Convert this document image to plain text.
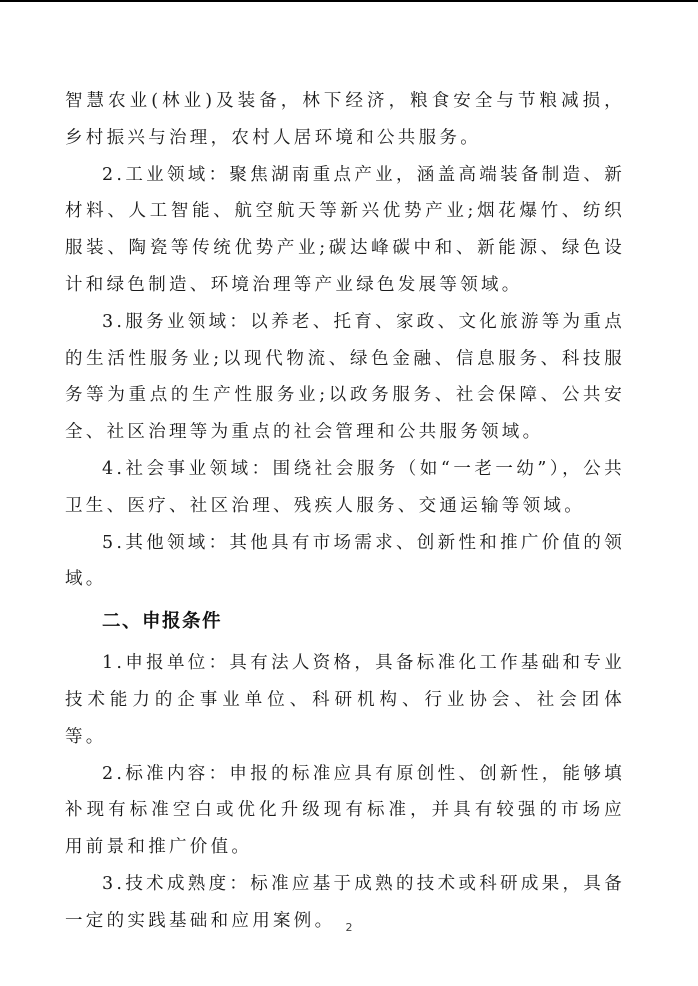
智慧农业(林业)及装备，林下经济，粮食安全与节粮减损，乡村振兴与治理，农村人居环境和公共服务。

2.工业领域：聚焦湖南重点产业，涵盖高端装备制造、新材料、人工智能、航空航天等新兴优势产业;烟花爆竹、纺织服装、陶瓷等传统优势产业;碳达峰碳中和、新能源、绿色设计和绿色制造、环境治理等产业绿色发展等领域。

3.服务业领域：以养老、托育、家政、文化旅游等为重点的生活性服务业;以现代物流、绿色金融、信息服务、科技服务等为重点的生产性服务业;以政务服务、社会保障、公共安全、社区治理等为重点的社会管理和公共服务领域。

4.社会事业领域：围绕社会服务（如“一老一幼”），公共卫生、医疗、社区治理、残疾人服务、交通运输等领域。

5.其他领域：其他具有市场需求、创新性和推广价值的领域。

二、申报条件

1.申报单位：具有法人资格，具备标准化工作基础和专业技术能力的企事业单位、科研机构、行业协会、社会团体等。

2.标准内容：申报的标准应具有原创性、创新性，能够填补现有标准空白或优化升级现有标准，并具有较强的市场应用前景和推广价值。

3.技术成熟度：标准应基于成熟的技术或科研成果，具备一定的实践基础和应用案例。 2
